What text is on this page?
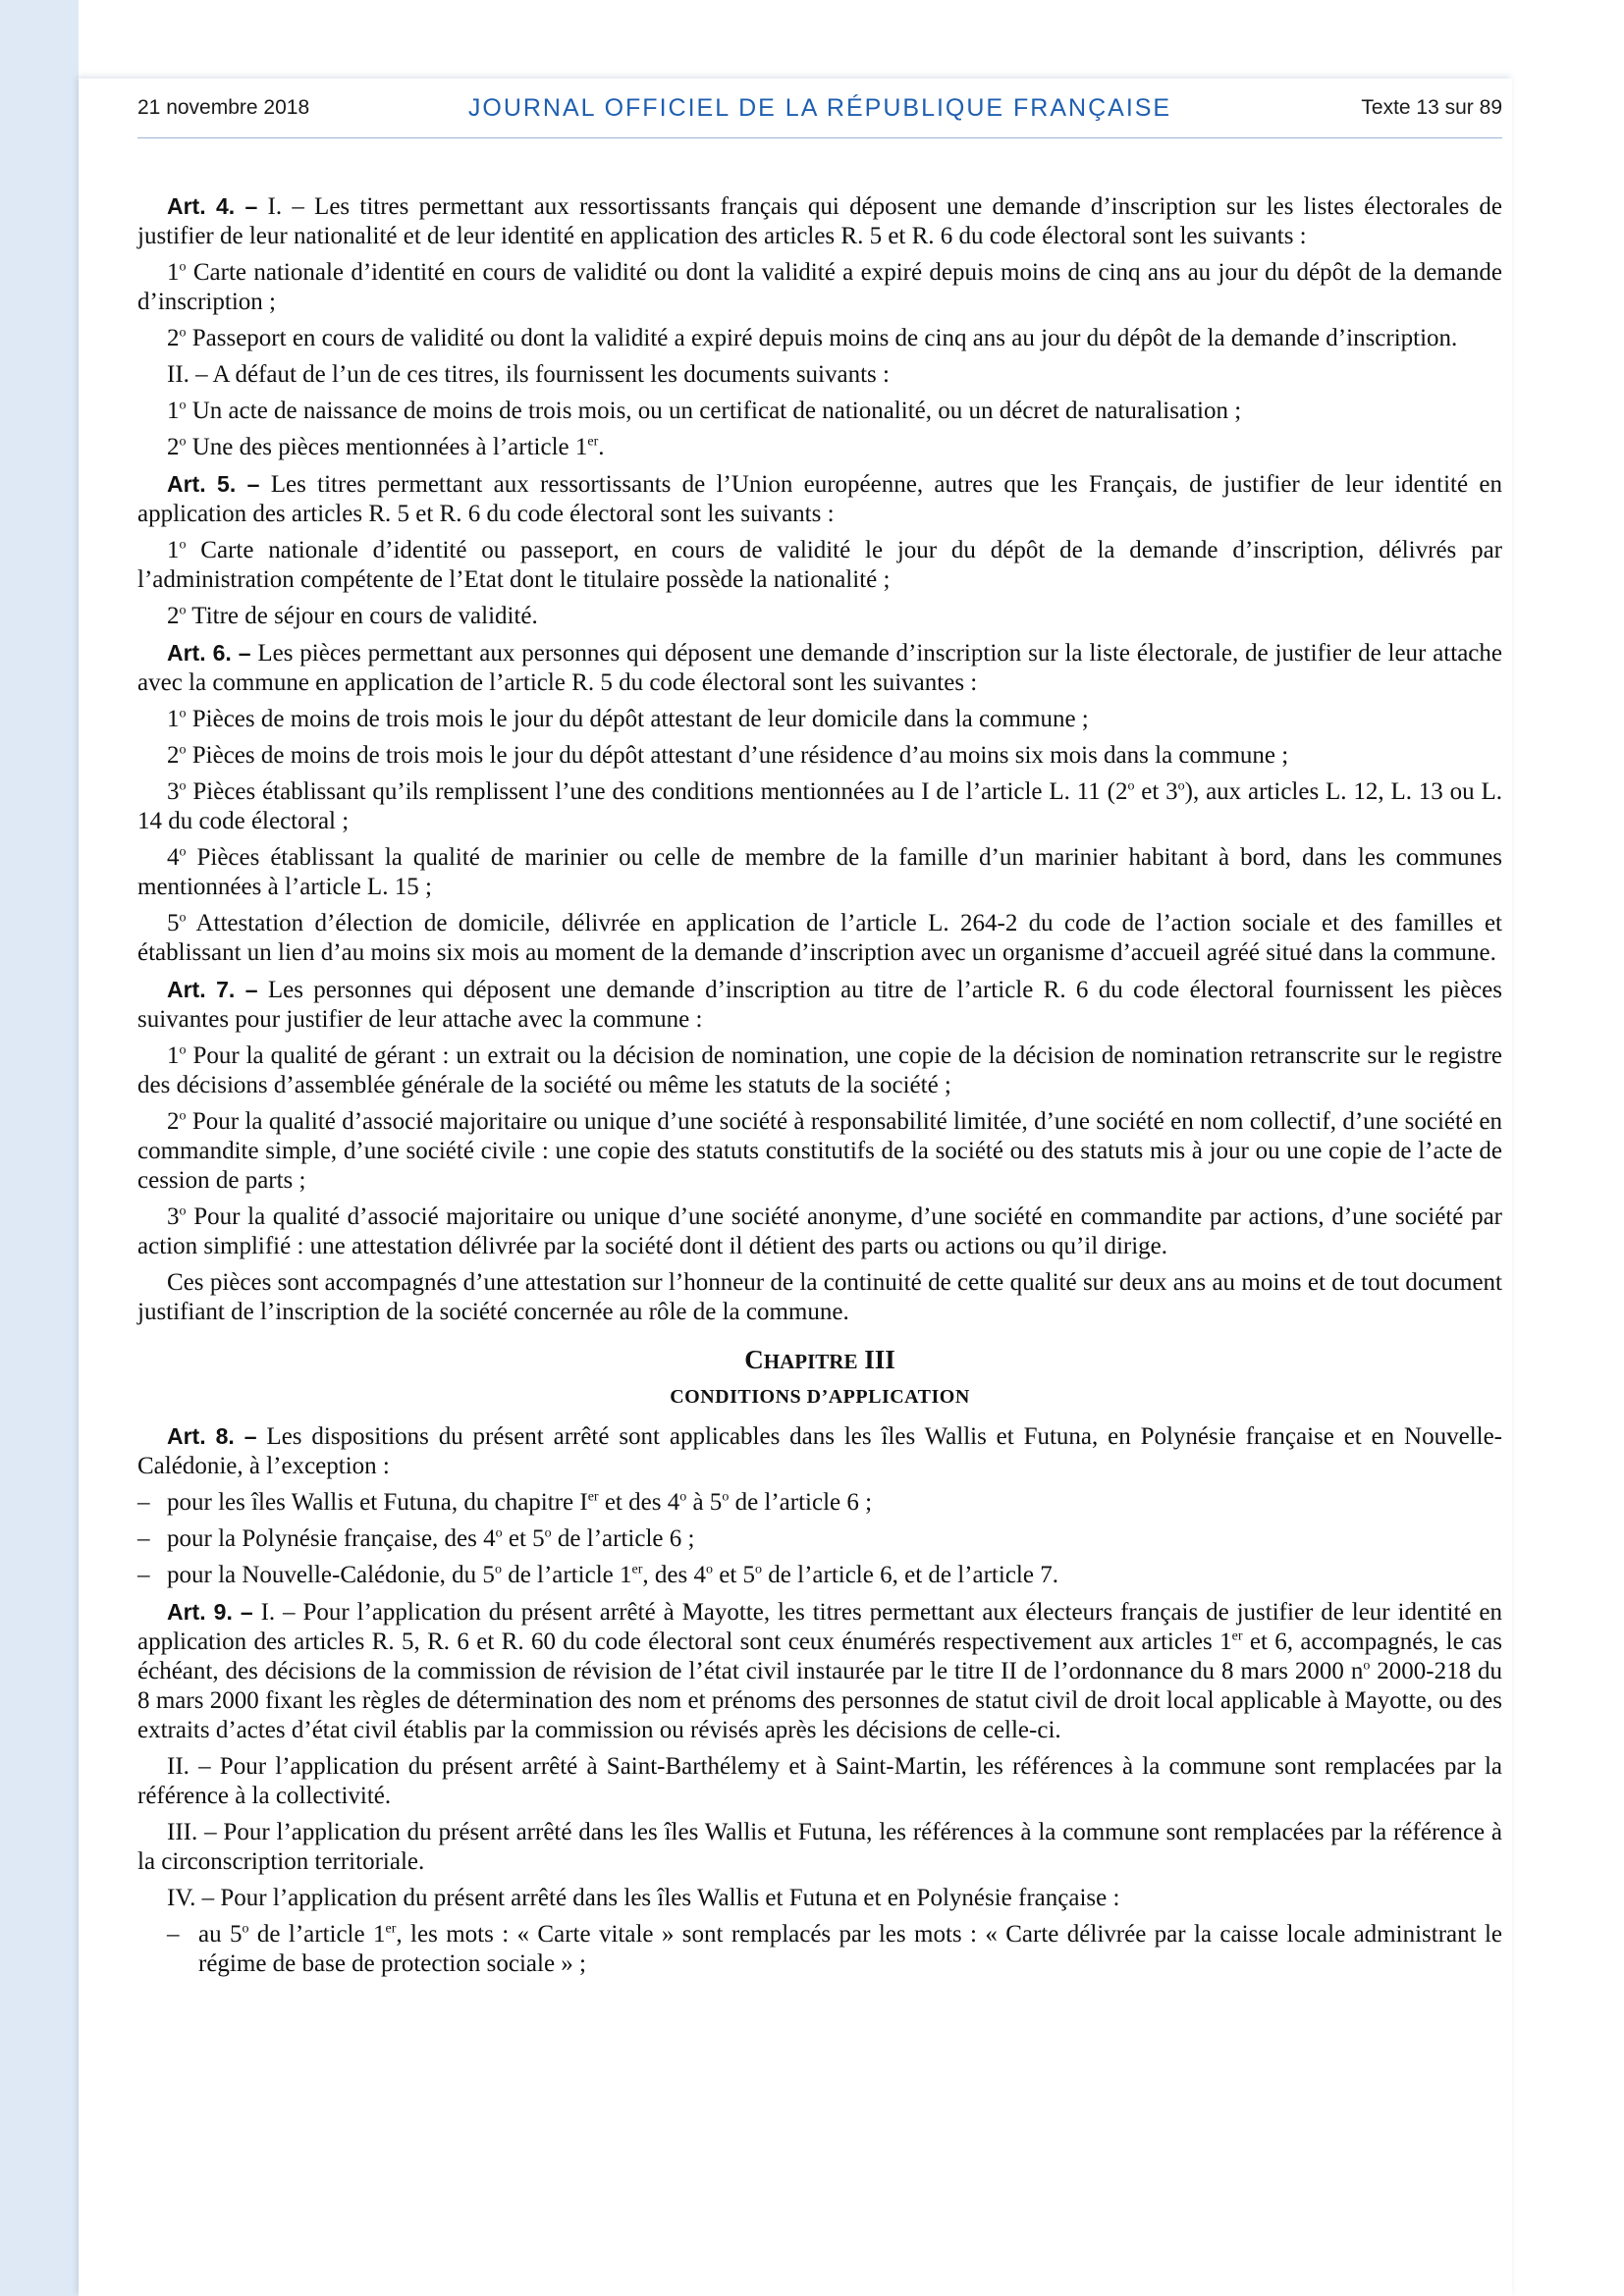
21 novembre 2018	JOURNAL OFFICIEL DE LA RÉPUBLIQUE FRANÇAISE	Texte 13 sur 89

Art. 4. – I. – Les titres permettant aux ressortissants français qui déposent une demande d’inscription sur les listes électorales de justifier de leur nationalité et de leur identité en application des articles R. 5 et R. 6 du code électoral sont les suivants :

1$^o$ Carte nationale d’identité en cours de validité ou dont la validité a expiré depuis moins de cinq ans au jour du dépôt de la demande d’inscription ;

2$^o$ Passeport en cours de validité ou dont la validité a expiré depuis moins de cinq ans au jour du dépôt de la demande d’inscription.

II. – A défaut de l’un de ces titres, ils fournissent les documents suivants :

1$^o$ Un acte de naissance de moins de trois mois, ou un certificat de nationalité, ou un décret de naturalisation ;

2$^o$ Une des pièces mentionnées à l’article 1er.

Art. 5. – Les titres permettant aux ressortissants de l’Union européenne, autres que les Français, de justifier de leur identité en application des articles R. 5 et R. 6 du code électoral sont les suivants :

1$^o$ Carte nationale d’identité ou passeport, en cours de validité le jour du dépôt de la demande d’inscription, délivrés par l’administration compétente de l’Etat dont le titulaire possède la nationalité ;

2$^o$ Titre de séjour en cours de validité.

Art. 6. – Les pièces permettant aux personnes qui déposent une demande d’inscription sur la liste électorale, de justifier de leur attache avec la commune en application de l’article R. 5 du code électoral sont les suivantes :

1$^o$ Pièces de moins de trois mois le jour du dépôt attestant de leur domicile dans la commune ;

2$^o$ Pièces de moins de trois mois le jour du dépôt attestant d’une résidence d’au moins six mois dans la commune ;

3$^o$ Pièces établissant qu’ils remplissent l’une des conditions mentionnées au I de l’article L. 11 (2$^o$ et 3$^o$), aux articles L. 12, L. 13 ou L. 14 du code électoral ;

4$^o$ Pièces établissant la qualité de marinier ou celle de membre de la famille d’un marinier habitant à bord, dans les communes mentionnées à l’article L. 15 ;

5$^o$ Attestation d’élection de domicile, délivrée en application de l’article L. 264-2 du code de l’action sociale et des familles et établissant un lien d’au moins six mois au moment de la demande d’inscription avec un organisme d’accueil agréé situé dans la commune.

Art. 7. – Les personnes qui déposent une demande d’inscription au titre de l’article R. 6 du code électoral fournissent les pièces suivantes pour justifier de leur attache avec la commune :

1$^o$ Pour la qualité de gérant : un extrait ou la décision de nomination, une copie de la décision de nomination retranscrite sur le registre des décisions d’assemblée générale de la société ou même les statuts de la société ;

2$^o$ Pour la qualité d’associé majoritaire ou unique d’une société à responsabilité limitée, d’une société en nom collectif, d’une société en commandite simple, d’une société civile : une copie des statuts constitutifs de la société ou des statuts mis à jour ou une copie de l’acte de cession de parts ;

3$^o$ Pour la qualité d’associé majoritaire ou unique d’une société anonyme, d’une société en commandite par actions, d’une société par action simplifié : une attestation délivrée par la société dont il détient des parts ou actions ou qu’il dirige.

Ces pièces sont accompagnés d’une attestation sur l’honneur de la continuité de cette qualité sur deux ans au moins et de tout document justifiant de l’inscription de la société concernée au rôle de la commune.

CHAPITRE III

CONDITIONS D’APPLICATION

Art. 8. – Les dispositions du présent arrêté sont applicables dans les îles Wallis et Futuna, en Polynésie française et en Nouvelle-Calédonie, à l’exception :

– pour les îles Wallis et Futuna, du chapitre Ier et des 4$^o$ à 5$^o$ de l’article 6 ;

– pour la Polynésie française, des 4$^o$ et 5$^o$ de l’article 6 ;

– pour la Nouvelle-Calédonie, du 5$^o$ de l’article 1er, des 4$^o$ et 5$^o$ de l’article 6, et de l’article 7.

Art. 9. – I. – Pour l’application du présent arrêté à Mayotte, les titres permettant aux électeurs français de justifier de leur identité en application des articles R. 5, R. 6 et R. 60 du code électoral sont ceux énumérés respectivement aux articles 1er et 6, accompagnés, le cas échéant, des décisions de la commission de révision de l’état civil instaurée par le titre II de l’ordonnance du 8 mars 2000 $n^o$ 2000-218 du 8 mars 2000 fixant les règles de détermination des nom et prénoms des personnes de statut civil de droit local applicable à Mayotte, ou des extraits d’actes d’état civil établis par la commission ou révisés après les décisions de celle-ci.

II. – Pour l’application du présent arrêté à Saint-Barthélemy et à Saint-Martin, les références à la commune sont remplacées par la référence à la collectivité.

III. – Pour l’application du présent arrêté dans les îles Wallis et Futuna, les références à la commune sont remplacées par la référence à la circonscription territoriale.

IV. – Pour l’application du présent arrêté dans les îles Wallis et Futuna et en Polynésie française :

– au 5$^o$ de l’article 1er, les mots : « Carte vitale » sont remplacés par les mots : « Carte délivrée par la caisse locale administrant le régime de base de protection sociale » ;
